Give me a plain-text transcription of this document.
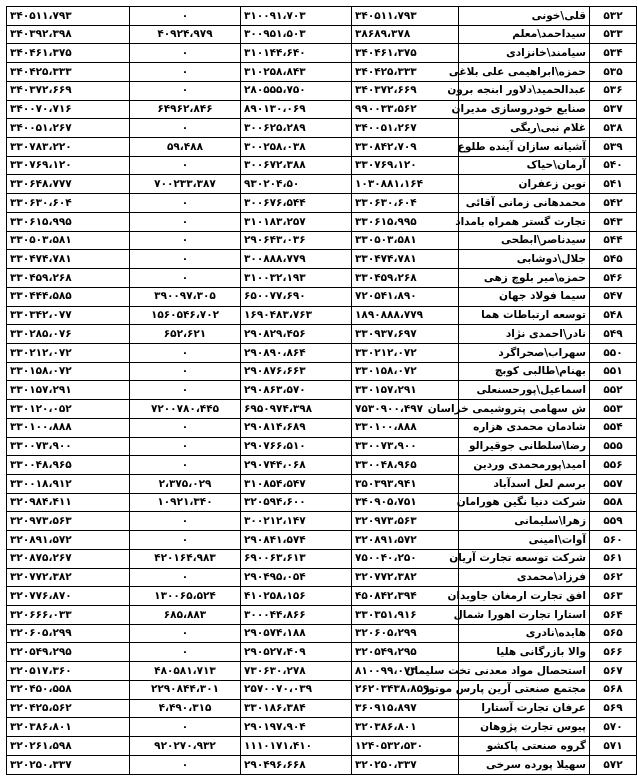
۵۳۲	قلی\خونی	۳۴۰۵۱۱،۷۹۳	۳۱۰۰۹۱،۷۰۳	۰	۳۴۰۵۱۱،۷۹۳
۵۳۳	سیداحمد\معلم	۳۸۶۸۹،۳۷۸	۳۰۰۹۵۱،۵۰۳	۴۰۹۲۴،۹۷۹	۳۴۰۳۹۲،۳۹۸
۵۳۴	سیامند\خانزادی	۳۴۰۴۶۱،۳۷۵	۳۱۰۱۴۴،۶۴۰	۰	۳۴۰۴۶۱،۳۷۵
۵۳۵	حمزه\ابراهیمی علی بلاغی	۳۴۰۴۲۵،۳۳۳	۳۱۰۲۵۸،۸۴۳	۰	۳۴۰۴۲۵،۳۳۳
۵۳۶	عبدالحمید\دلاور ابنجه برون	۳۴۰۳۷۲،۶۶۹	۲۸۰۵۵۵،۷۵۰	۰	۳۴۰۳۷۲،۶۶۹
۵۳۷	صنایع خودروسازی مدیران	۹۹۰۰۳۳،۵۶۲	۸۹۰۱۳۰،۰۶۹	۶۴۹۶۲،۸۴۶	۳۴۰۰۷۰،۷۱۶
۵۳۸	غلام نبی\ریگی	۳۴۰۰۵۱،۲۶۷	۳۰۰۶۲۵،۲۸۹	۰	۳۴۰۰۵۱،۲۶۷
۵۳۹	آشیانه سازان آینده طلوع	۳۳۰۸۴۲،۷۰۹	۳۰۰۲۵۸،۰۳۸	۵۹،۴۸۸	۳۳۰۷۸۳،۲۲۰
۵۴۰	آرمان\حیاک	۳۳۰۷۶۹،۱۲۰	۳۰۰۶۷۲،۳۸۸	۰	۳۳۰۷۶۹،۱۲۰
۵۴۱	نوین زعفران	۱۰۳۰۸۸۱،۱۶۴	۹۳۰۲۰۴،۵۰	۷۰۰۲۳۳،۳۸۷	۳۳۰۶۴۸،۷۷۷
۵۴۲	محمدهانی زمانی آقائی	۳۳۰۶۳۰،۶۰۴	۳۰۰۶۷۶،۵۴۴	۰	۳۳۰۶۳۰،۶۰۴
۵۴۳	تجارت گستر همراه بامداد	۳۳۰۶۱۵،۹۹۵	۳۱۰۱۸۳،۲۵۷	۰	۳۳۰۶۱۵،۹۹۵
۵۴۴	سیدناصر\ابطحی	۳۳۰۵۰۳،۵۸۱	۲۹۰۶۴۳،۰۳۶	۰	۳۳۰۵۰۳،۵۸۱
۵۴۵	جلال\دوشابی	۳۳۰۴۷۴،۷۸۱	۳۰۰۸۸۸،۷۷۹	۰	۳۳۰۴۷۴،۷۸۱
۵۴۶	حمزه\میر بلوچ زهی	۳۳۰۴۵۹،۲۶۸	۳۱۰۰۳۲،۱۹۳	۰	۳۳۰۴۵۹،۲۶۸
۵۴۷	سیما فولاد جهان	۷۲۰۵۴۱،۸۹۰	۶۵۰۰۷۷،۶۹۰	۳۹۰۰۹۷،۳۰۵	۳۳۰۴۴۴،۵۸۵
۵۴۸	توسعه ارتباطات هما	۱۸۹۰۸۸۸،۷۷۹	۱۶۹۰۴۸۳،۷۶۳	۱۵۶۰۵۴۶،۷۰۲	۳۳۰۳۴۲،۰۷۷
۵۴۹	نادر\احمدی نژاد	۳۳۰۹۳۷،۶۹۷	۲۹۰۸۲۹،۴۵۶	۶۵۲،۶۲۱	۳۳۰۲۸۵،۰۷۶
۵۵۰	سهراب\صحراگرد	۳۳۰۲۱۲،۰۷۲	۲۹۰۸۹۰،۸۶۴	۰	۳۳۰۲۱۲،۰۷۲
۵۵۱	بهنام\طالبی کوبچ	۳۳۰۱۵۸،۰۷۲	۲۹۰۸۷۶،۶۶۳	۰	۳۳۰۱۵۸،۰۷۲
۵۵۲	اسماعیل\پورحسنعلی	۳۳۰۱۵۷،۲۹۱	۲۹۰۸۶۳،۵۷۰	۰	۳۳۰۱۵۷،۲۹۱
۵۵۳	ش سهامی پتروشیمی خراسان	۷۵۳۰۹۰۰،۴۹۷	۶۹۵۰۹۷۴،۳۹۸	۷۲۰۰۷۸۰،۴۴۵	۳۳۰۱۲۰،۰۵۲
۵۵۴	شادمان محمدی هزاره	۳۳۰۱۰۰،۸۸۸	۲۹۰۸۱۴،۶۸۹	۰	۳۳۰۱۰۰،۸۸۸
۵۵۵	رضا\سلطانی جوقیرالو	۳۳۰۰۷۳،۹۰۰	۲۹۰۷۶۶،۵۱۰	۰	۳۳۰۰۷۳،۹۰۰
۵۵۶	امید\پورمحمدی وردین	۳۳۰۰۴۸،۹۶۵	۲۹۰۷۴۴،۰۶۸	۰	۳۳۰۰۴۸،۹۶۵
۵۵۷	برسم لعل اسدآباد	۳۵۰۳۹۳،۹۴۱	۳۱۰۸۵۴،۵۴۷	۲،۳۷۵،۰۲۹	۳۳۰۰۱۸،۹۱۲
۵۵۸	شرکت دنیا نگین هورامان	۳۴۰۹۰۵،۷۵۱	۳۲۰۵۹۴،۶۰۰	۱۰۹۲۱،۳۴۰	۳۲۰۹۸۴،۴۱۱
۵۵۹	زهرا\سلیمانی	۳۲۰۹۷۳،۵۶۳	۳۰۰۲۱۲،۱۴۷	۰	۳۲۰۹۷۳،۵۶۳
۵۶۰	آوات\امینی	۳۲۰۸۹۱،۵۷۲	۲۹۰۸۴۱،۵۷۴	۰	۳۲۰۸۹۱،۵۷۲
۵۶۱	شرکت توسعه تجارت آریان	۷۵۰۰۴۰،۲۵۰	۶۹۰۰۶۳،۶۱۳	۴۲۰۱۶۴،۹۸۳	۳۲۰۸۷۵،۲۶۷
۵۶۲	فرزاد\محمدی	۳۲۰۷۷۲،۳۸۲	۲۹۰۴۹۵،۰۵۴	۰	۳۲۰۷۷۲،۳۸۲
۵۶۳	افق تجارت ارمغان جاویدان	۴۵۰۸۴۲،۳۹۴	۴۱۰۲۵۸،۱۵۶	۱۳۰۰۶۵،۵۲۴	۳۲۰۷۷۶،۸۷۰
۵۶۴	استارا تجارت اهورا شمال	۳۳۰۳۵۱،۹۱۶	۳۰۰۰۴۴،۸۶۶	۶۸۵،۸۸۳	۳۲۰۶۶۶،۰۳۳
۵۶۵	هایده\نادری	۳۲۰۶۰۵،۲۹۹	۲۹۰۵۷۴،۱۸۸	۰	۳۲۰۶۰۵،۲۹۹
۵۶۶	والا بازرگانی هلیا	۳۲۰۵۴۹،۲۹۵	۲۹۰۵۲۷،۴۰۹	۰	۳۲۰۵۴۹،۲۹۵
۵۶۷	استحصال مواد معدنی تخت سلیمان	۸۱۰۰۹۹،۰۷۳	۷۳۰۶۳۰،۲۷۸	۴۸۰۵۸۱،۷۱۳	۳۲۰۵۱۷،۳۶۰
۵۶۸	مجتمع صنعتی آرین پارس موتور	۲۶۲۰۳۴۳۸،۸۵۹	۲۵۷۰۰۷۰،۰۳۹	۲۲۹۰۸۴۴،۳۰۱	۳۲۰۴۵۰،۵۵۸
۵۶۹	عرفان تجارت آستارا	۳۶۰۹۱۵،۸۹۷	۳۳۰۱۸۶،۳۸۴	۴،۴۹۰،۳۱۵	۳۲۰۴۲۵،۵۶۲
۵۷۰	پیوس تجارت پژوهان	۳۲۰۳۸۶،۸۰۱	۲۹۰۱۹۷،۹۰۴	۰	۳۲۰۳۸۶،۸۰۱
۵۷۱	گروه صنعتی پاکشو	۱۲۴۰۵۳۲،۵۳۰	۱۱۱۰۱۷۱،۴۱۰	۹۲۰۲۷۰،۹۳۲	۳۲۰۲۶۱،۵۹۸
۵۷۲	سهیلا پورده سرخی	۳۲۰۲۵۰،۳۳۷	۲۹۰۴۹۶،۶۶۸	۰	۳۲۰۲۵۰،۳۳۷
